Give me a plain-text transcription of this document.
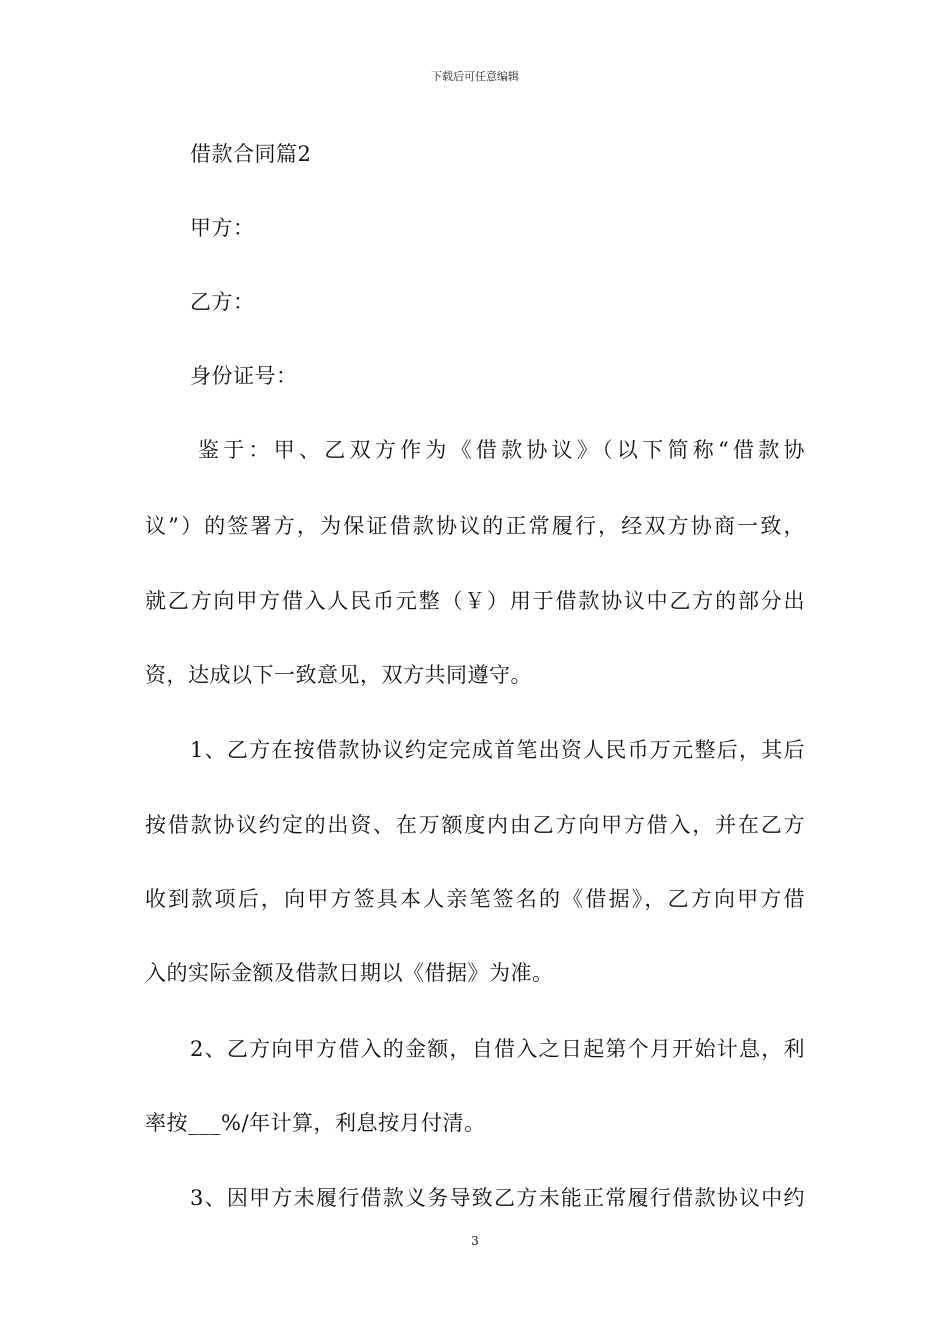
下载后可任意编辑
借款合同篇2
甲方：
乙方：
身份证号：
鉴于：甲、乙双方作为《借款协议》（以下简称“借款协
议”）的签署方，为保证借款协议的正常履行，经双方协商一致，
就乙方向甲方借入人民币元整（￥）用于借款协议中乙方的部分出
资，达成以下一致意见，双方共同遵守。
1、乙方在按借款协议约定完成首笔出资人民币万元整后，其后
按借款协议约定的出资、在万额度内由乙方向甲方借入，并在乙方
收到款项后，向甲方签具本人亲笔签名的《借据》，乙方向甲方借
入的实际金额及借款日期以《借据》为准。
2、乙方向甲方借入的金额，自借入之日起第个月开始计息，利
率按___%/年计算，利息按月付清。
3、因甲方未履行借款义务导致乙方未能正常履行借款协议中约
3
